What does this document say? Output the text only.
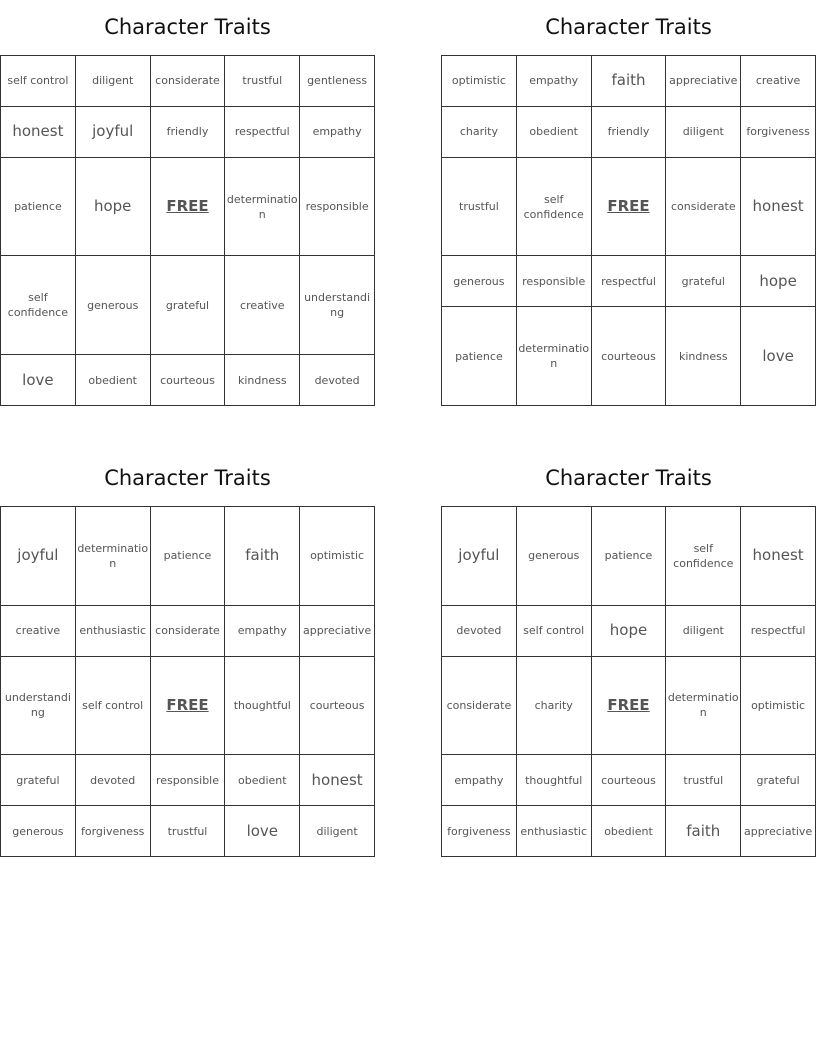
Character Traits
self control	diligent	considerate	trustful	gentleness
honest	joyful	friendly	respectful	empathy
patience	hope	FREE	determination	responsible
self confidence	generous	grateful	creative	understanding
love	obedient	courteous	kindness	devoted
Character Traits
optimistic	empathy	faith	appreciative	creative
charity	obedient	friendly	diligent	forgiveness
trustful	self confidence	FREE	considerate	honest
generous	responsible	respectful	grateful	hope
patience	determination	courteous	kindness	love
Character Traits
joyful	determination	patience	faith	optimistic
creative	enthusiastic	considerate	empathy	appreciative
understanding	self control	FREE	thoughtful	courteous
grateful	devoted	responsible	obedient	honest
generous	forgiveness	trustful	love	diligent
Character Traits
joyful	generous	patience	self confidence	honest
devoted	self control	hope	diligent	respectful
considerate	charity	FREE	determination	optimistic
empathy	thoughtful	courteous	trustful	grateful
forgiveness	enthusiastic	obedient	faith	appreciative
